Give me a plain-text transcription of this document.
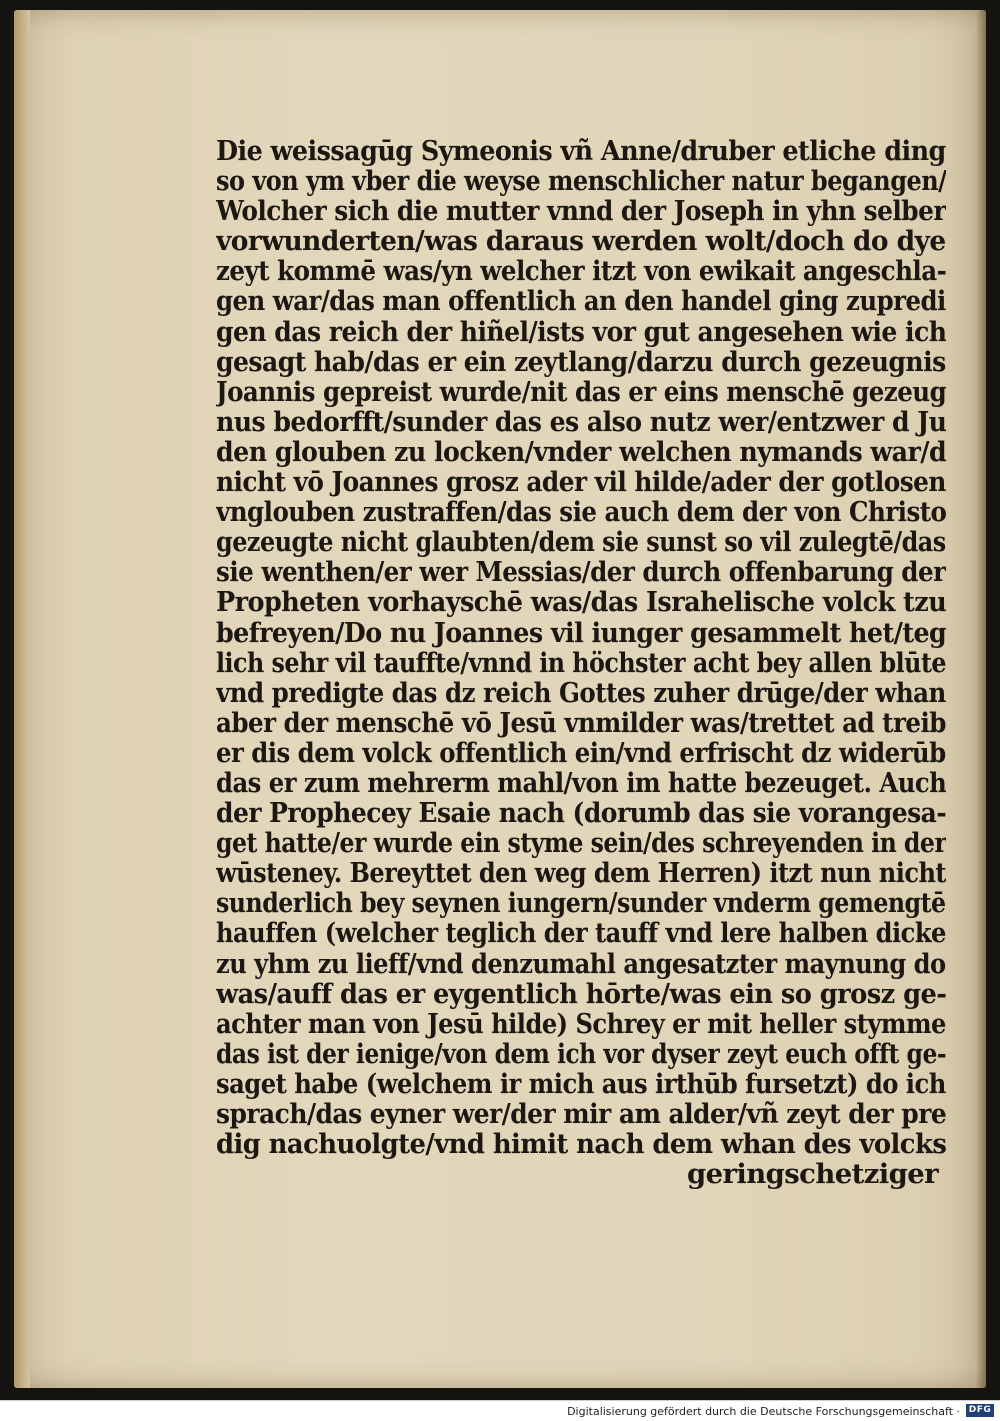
Die weissagūg Symeonis vñ Anne/druber etliche ding
so von ym vber die weyse menschlicher natur begangen/
Wolcher sich die mutter vnnd der Joseph in yhn selber
vorwunderten/was daraus werden wolt/doch do dye
zeyt kommē was/yn welcher itzt von ewikait angeschla-
gen war/das man offentlich an den handel ging zupredi
gen das reich der hiñel/ists vor gut angesehen wie ich
gesagt hab/das er ein zeytlang/darzu durch gezeugnis
Joannis gepreist wurde/nit das er eins menschē gezeug
nus bedorfft/sunder das es also nutz wer/entzwer d Ju
den glouben zu locken/vnder welchen nymands war/d
nicht vō Joannes grosz ader vil hilde/ader der gotlosen
vnglouben zustraffen/das sie auch dem der von Christo
gezeugte nicht glaubten/dem sie sunst so vil zulegtē/das
sie wenthen/er wer Messias/der durch offenbarung der
Propheten vorhayschē was/das Israhelische volck tzu
befreyen/Do nu Joannes vil iunger gesammelt het/teg
lich sehr vil tauffte/vnnd in höchster acht bey allen blūte
vnd predigte das dz reich Gottes zuher drūge/der whan
aber der menschē vō Jesū vnmilder was/trettet ad treib
er dis dem volck offentlich ein/vnd erfrischt dz widerūb
das er zum mehrerm mahl/von im hatte bezeuget. Auch
der Prophecey Esaie nach (dorumb das sie vorangesa-
get hatte/er wurde ein styme sein/des schreyenden in der
wūsteney. Bereyttet den weg dem Herren) itzt nun nicht
sunderlich bey seynen iungern/sunder vnderm gemengtē
hauffen (welcher teglich der tauff vnd lere halben dicke
zu yhm zu lieff/vnd denzumahl angesatzter maynung do
was/auff das er eygentlich hōrte/was ein so grosz ge-
achter man von Jesū hilde) Schrey er mit heller stymme
das ist der ienige/von dem ich vor dyser zeyt euch offt ge-
saget habe (welchem ir mich aus irthūb fursetzt) do ich
sprach/das eyner wer/der mir am alder/vñ zeyt der pre
dig nachuolgte/vnd himit nach dem whan des volcks
geringschetziger
Digitalisierung gefördert durch die Deutsche Forschungsgemeinschaft · DFG
